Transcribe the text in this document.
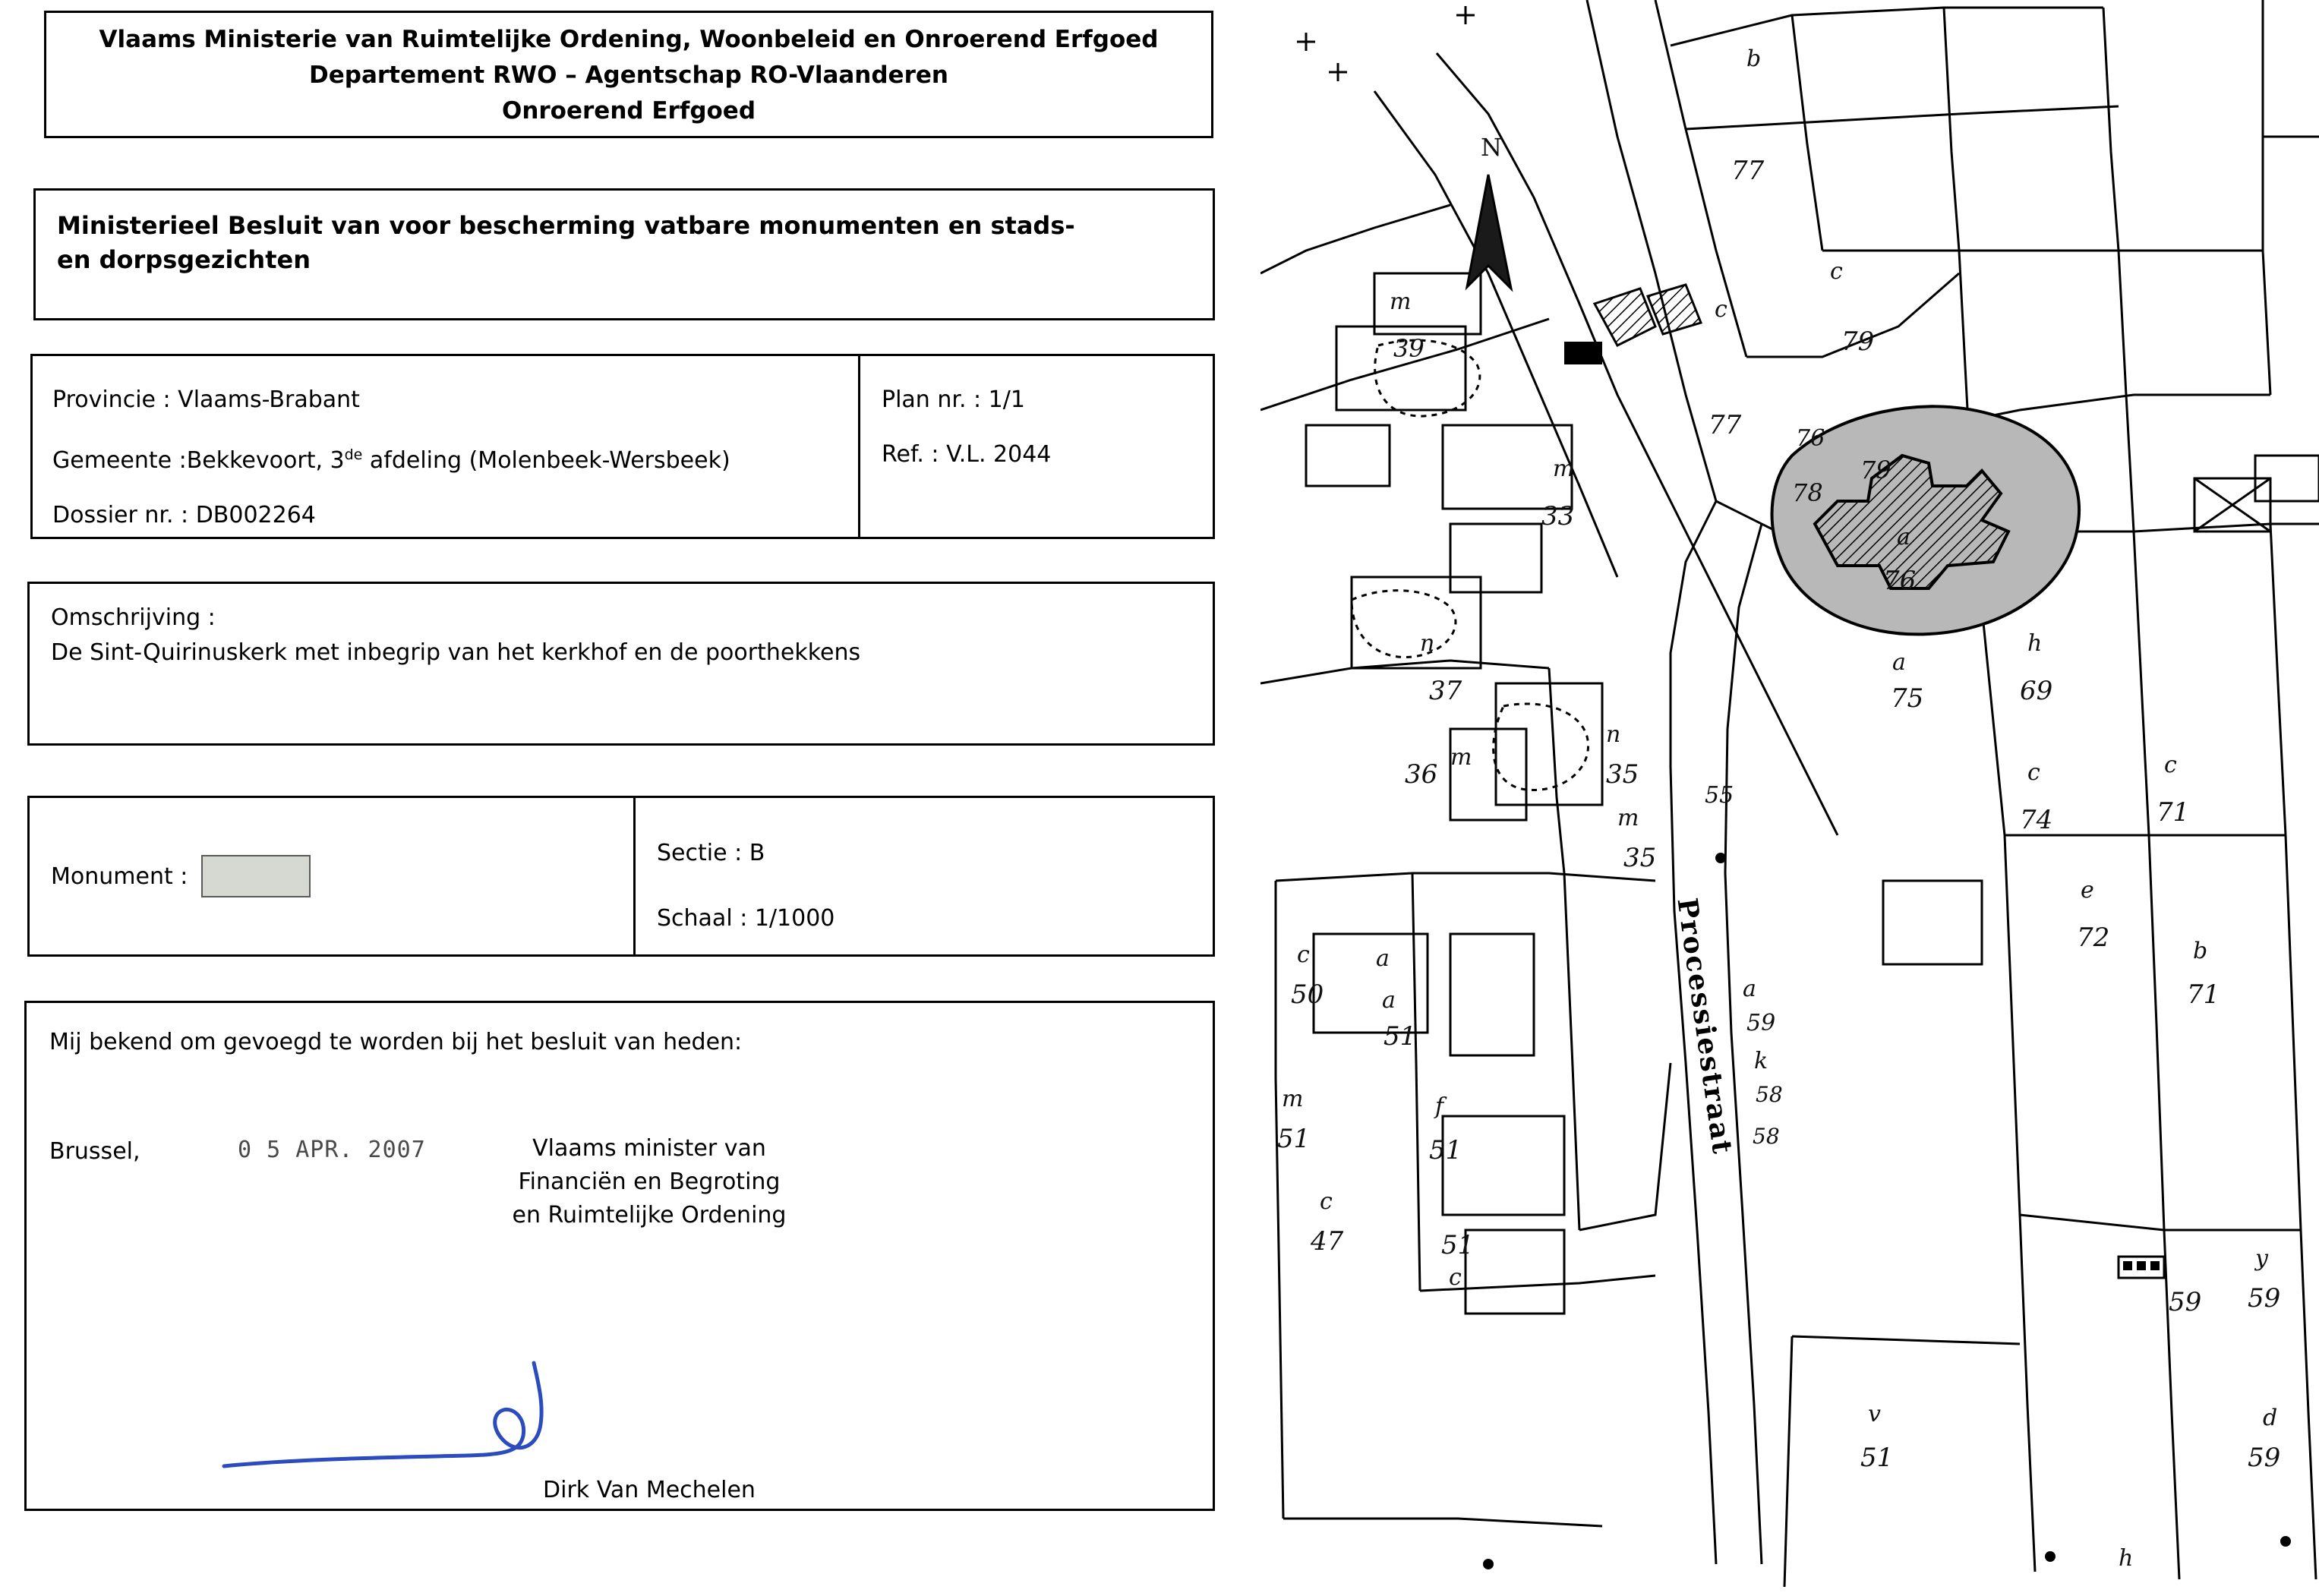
Vlaams Ministerie van Ruimtelijke Ordening, Woonbeleid en Onroerend Erfgoed
Departement RWO – Agentschap RO-Vlaanderen
Onroerend Erfgoed
Ministerieel Besluit van voor bescherming vatbare monumenten en stads-
en dorpsgezichten
Provincie : Vlaams-Brabant
Gemeente :Bekkevoort, 3de afdeling (Molenbeek-Wersbeek)
Dossier nr. : DB002264
Plan nr. : 1/1
Ref. : V.L. 2044
Omschrijving :
De Sint-Quirinuskerk met inbegrip van het kerkhof en de poorthekkens
Monument :
Sectie : B
Schaal : 1/1000
Mij bekend om gevoegd te worden bij het besluit van heden:
Brussel,	0 5 APR. 2007	Vlaams minister van
Financiën en Begroting
en Ruimtelijke Ordening
Dirk Van Mechelen
Processiestraat
N
77
b
79
c
77
c
76
78
79
33
m
m
39
37
n
36
m
n
35
m
35
a
75
76
a
69
h
74
c
71
c
72
e
71
b
c
50
a
a
51
m
51
f
51
51
c
c
47
55
a
59
k
58
58
59
y
59
d
59
v
51
h
